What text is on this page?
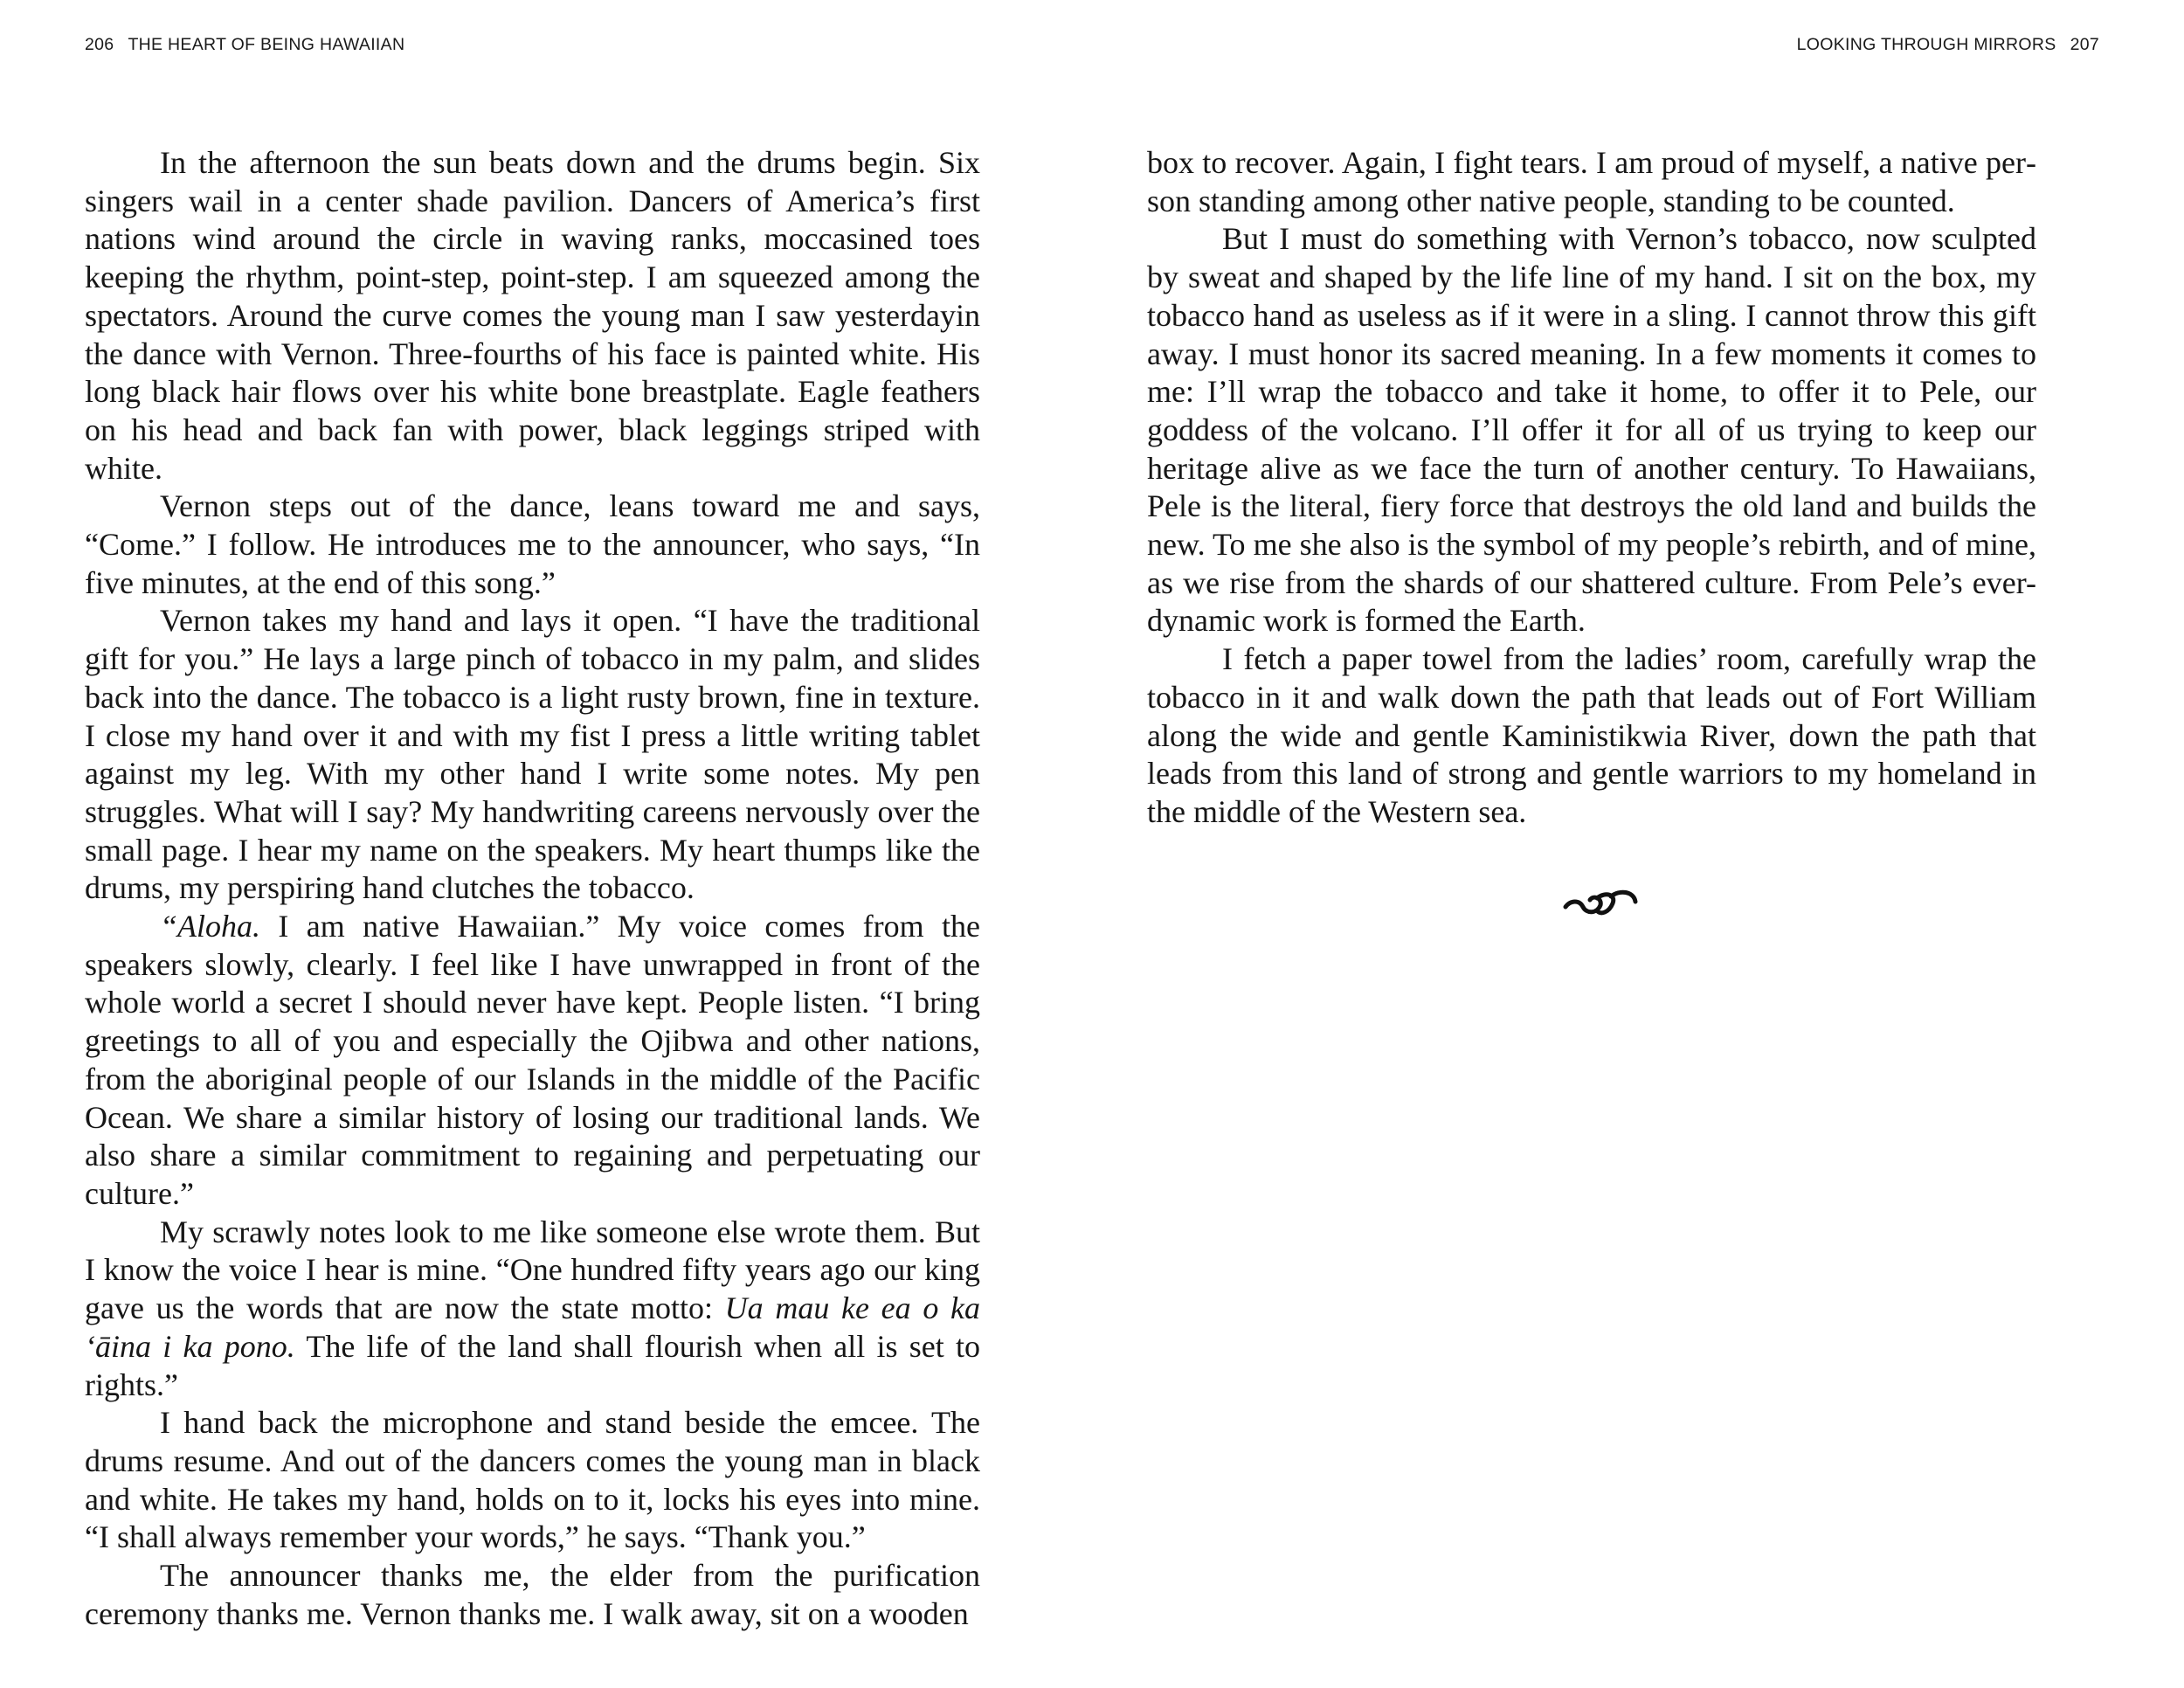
206 THE HEART OF BEING HAWAIIAN

In the afternoon the sun beats down and the drums begin. Six singers wail in a center shade pavilion. Dancers of America’s first nations wind around the circle in waving ranks, moccasined toes keeping the rhythm, point-step, point-step. I am squeezed among the spectators. Around the curve comes the young man I saw yesterdayin the dance with Vernon. Three-fourths of his face is painted white. His long black hair flows over his white bone breastplate. Eagle feathers on his head and back fan with power, black leggings striped with white.

Vernon steps out of the dance, leans toward me and says, “Come.” I follow. He introduces me to the announcer, who says, “In five minutes, at the end of this song.”

Vernon takes my hand and lays it open. “I have the traditional gift for you.” He lays a large pinch of tobacco in my palm, and slides back into the dance. The tobacco is a light rusty brown, fine in texture. I close my hand over it and with my fist I press a little writing tablet against my leg. With my other hand I write some notes. My pen struggles. What will I say? My handwriting careens nervously over the small page. I hear my name on the speakers. My heart thumps like the drums, my perspiring hand clutches the tobacco.

“Aloha. I am native Hawaiian.” My voice comes from the speakers slowly, clearly. I feel like I have unwrapped in front of the whole world a secret I should never have kept. People listen. “I bring greetings to all of you and especially the Ojibwa and other nations, from the aboriginal people of our Islands in the middle of the Pacific Ocean. We share a similar history of losing our traditional lands. We also share a similar commitment to regaining and perpetuating our culture.”

My scrawly notes look to me like someone else wrote them. But I know the voice I hear is mine. “One hundred fifty years ago our king gave us the words that are now the state motto: Ua mau ke ea o ka ʻāina i ka pono. The life of the land shall flourish when all is set to rights.”

I hand back the microphone and stand beside the emcee. The drums resume. And out of the dancers comes the young man in black and white. He takes my hand, holds on to it, locks his eyes into mine. “I shall always remember your words,” he says. “Thank you.”

The announcer thanks me, the elder from the purification ceremony thanks me. Vernon thanks me. I walk away, sit on a wooden

LOOKING THROUGH MIRRORS 207

box to recover. Again, I fight tears. I am proud of myself, a native person standing among other native people, standing to be counted.

But I must do something with Vernon’s tobacco, now sculpted by sweat and shaped by the life line of my hand. I sit on the box, my tobacco hand as useless as if it were in a sling. I cannot throw this gift away. I must honor its sacred meaning. In a few moments it comes to me: I’ll wrap the tobacco and take it home, to offer it to Pele, our goddess of the volcano. I’ll offer it for all of us trying to keep our heritage alive as we face the turn of another century. To Hawaiians, Pele is the literal, fiery force that destroys the old land and builds the new. To me she also is the symbol of my people’s rebirth, and of mine, as we rise from the shards of our shattered culture. From Pele’s ever-dynamic work is formed the Earth.

I fetch a paper towel from the ladies’ room, carefully wrap the tobacco in it and walk down the path that leads out of Fort William along the wide and gentle Kaministikwia River, down the path that leads from this land of strong and gentle warriors to my homeland in the middle of the Western sea.
